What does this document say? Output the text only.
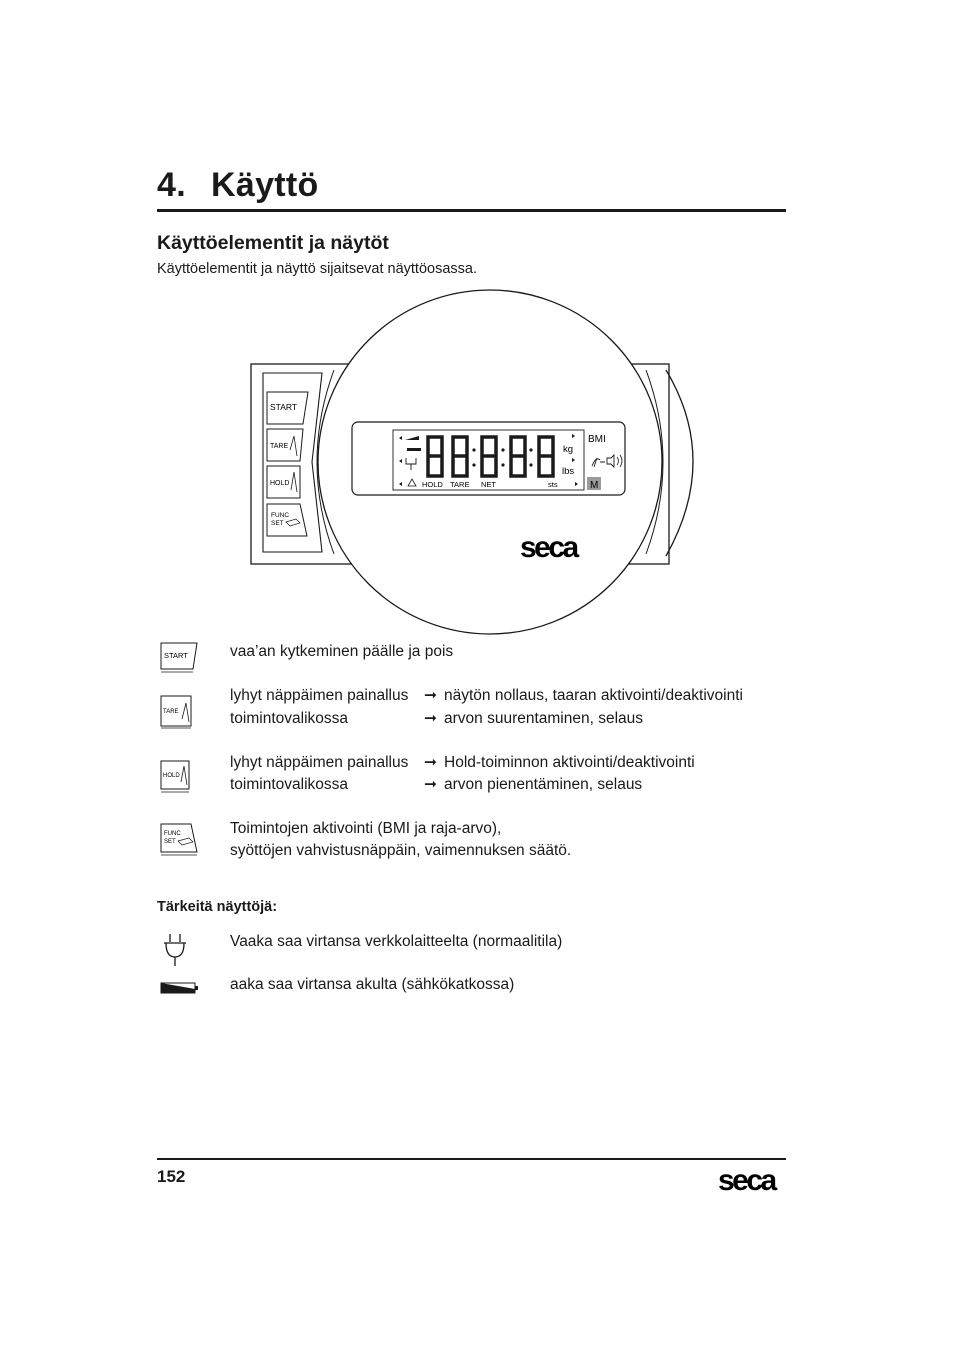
4. Käyttö
Käyttöelementit ja näytöt
Käyttöelementit ja näyttö sijaitsevat näyttöosassa.
START
TARE
HOLD
FUNC
SET
kg
lbs
HOLD TARE NET	sts
BMI
M
seca
START	vaa’an kytkeminen päälle ja pois
TARE
lyhyt näppäimen painallus ➞ näytön nollaus, taaran aktivointi/deaktivointi
toimintovalikossa	➞ arvon suurentaminen, selaus
HOLD
lyhyt näppäimen painallus ➞ Hold-toiminnon aktivointi/deaktivointi
toimintovalikossa	➞ arvon pienentäminen, selaus
FUNC
SET
Toimintojen aktivointi (BMI ja raja-arvo),
syöttöjen vahvistusnäppäin, vaimennuksen säätö.
Tärkeitä näyttöjä:
Vaaka saa virtansa verkkolaitteelta (normaalitila)
aaka saa virtansa akulta (sähkökatkossa)
152	seca
